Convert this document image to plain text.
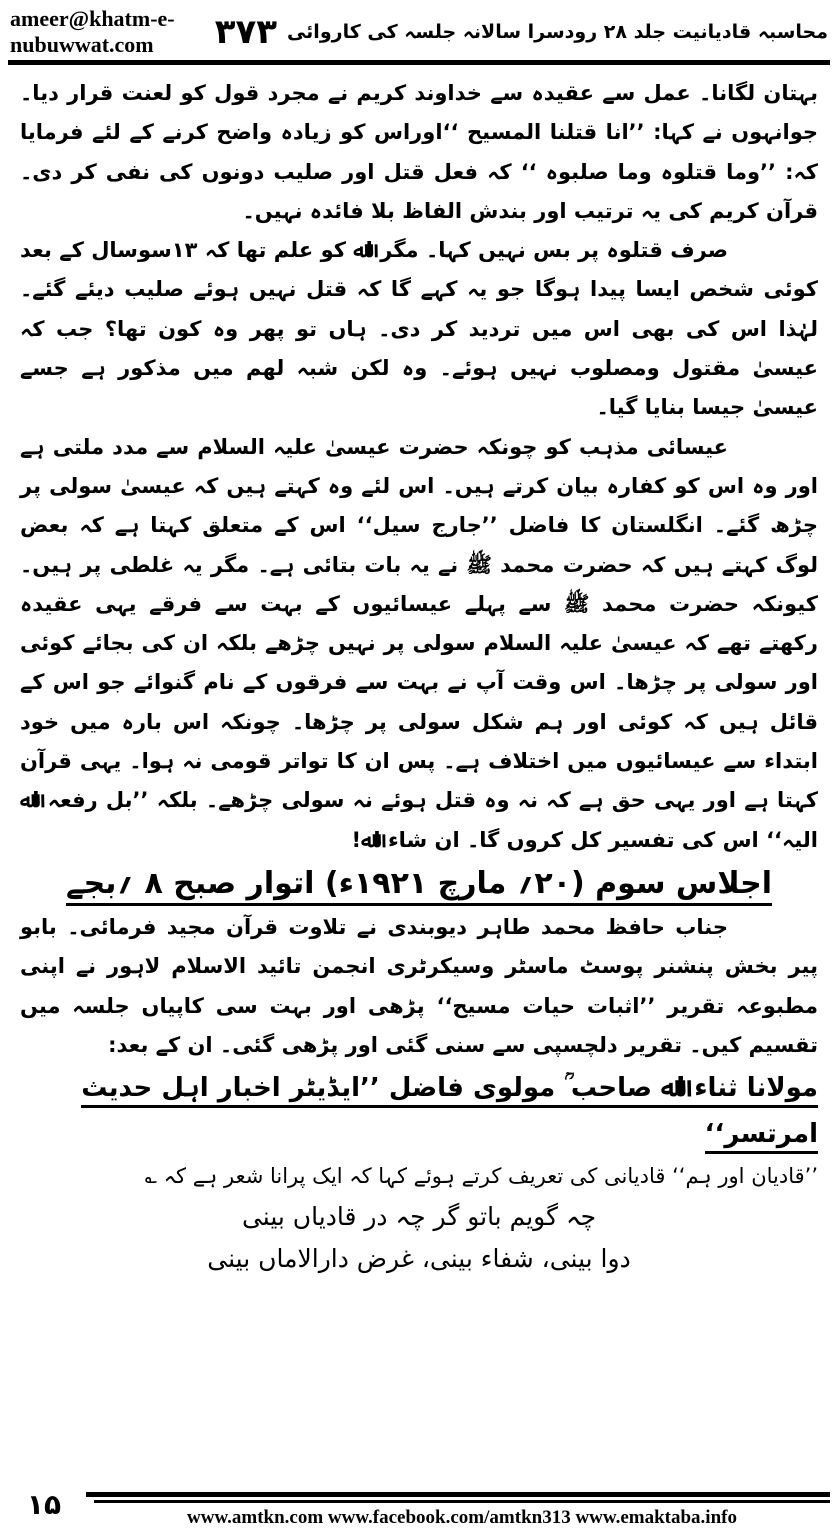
ameer@khatm-e-nubuwwat.com	محاسبہ قادیانیت جلد ۲۸ رودسرا سالانہ جلسہ کی کاروائی
۳۷۳

بہتان لگانا۔ عمل سے عقیدہ سے خداوند کریم نے مجرد قول کو لعنت قرار دیا۔ جوانہوں نے کہا: ’’انا قتلنا المسیح ‘‘اوراس کو زیادہ واضح کرنے کے لئے فرمایا کہ: ’’وما قتلوہ وما صلبوہ ‘‘ کہ فعل قتل اور صلیب دونوں کی نفی کر دی۔ قرآن کریم کی یہ ترتیب اور بندش الفاظ بلا فائدہ نہیں۔

صرف قتلوہ پر بس نہیں کہا۔ مگر اﷲ کو علم تھا کہ ۱۳سوسال کے بعد کوئی شخص ایسا پیدا ہوگا جو یہ کہے گا کہ قتل نہیں ہوئے صلیب دیئے گئے۔ لہٰذا اس کی بھی اس میں تردید کر دی۔ ہاں تو پھر وہ کون تھا؟ جب کہ عیسیٰ مقتول ومصلوب نہیں ہوئے۔ وہ لکن شبہ لھم میں مذکور ہے جسے عیسیٰ جیسا بنایا گیا۔

عیسائی مذہب کو چونکہ حضرت عیسیٰ علیہ السلام سے مدد ملتی ہے اور وہ اس کو کفارہ بیان کرتے ہیں۔ اس لئے وہ کہتے ہیں کہ عیسیٰ سولی پر چڑھ گئے۔ انگلستان کا فاضل ’’جارج سیل‘‘ اس کے متعلق کہتا ہے کہ بعض لوگ کہتے ہیں کہ حضرت محمد ﷺ نے یہ بات بتائی ہے۔ مگر یہ غلطی پر ہیں۔ کیونکہ حضرت محمد ﷺ سے پہلے عیسائیوں کے بہت سے فرقے یہی عقیدہ رکھتے تھے کہ عیسیٰ علیہ السلام سولی پر نہیں چڑھے بلکہ ان کی بجائے کوئی اور سولی پر چڑھا۔ اس وقت آپ نے بہت سے فرقوں کے نام گنوائے جو اس کے قائل ہیں کہ کوئی اور ہم شکل سولی پر چڑھا۔ چونکہ اس بارہ میں خود ابتداء سے عیسائیوں میں اختلاف ہے۔ پس ان کا تواتر قومی نہ ہوا۔ یہی قرآن کہتا ہے اور یہی حق ہے کہ نہ وہ قتل ہوئے نہ سولی چڑھے۔ بلکہ ’’بل رفعہ اﷲ الیہ‘‘ اس کی تفسیر کل کروں گا۔ ان شاء اﷲ!

اجلاس سوم (۲۰؍ مارچ ۱۹۲۱ء) اتوار صبح ۸ ؍بجے

جناب حافظ محمد طاہر دیوبندی نے تلاوت قرآن مجید فرمائی۔ بابو پیر بخش پنشنر پوسٹ ماسٹر وسیکرٹری انجمن تائید الاسلام لاہور نے اپنی مطبوعہ تقریر ’’اثبات حیات مسیح‘‘ پڑھی اور بہت سی کاپیاں جلسہ میں تقسیم کیں۔ تقریر دلچسپی سے سنی گئی اور پڑھی گئی۔ ان کے بعد:

مولانا ثناء اﷲ صاحب ؒ مولوی فاضل ’’ایڈیٹر اخبار اہل حدیث امرتسر‘‘

’’قادیان اور ہم‘‘ قادیانی کی تعریف کرتے ہوئے کہا کہ ایک پرانا شعر ہے کہ ؎

چہ گویم باتو گر چہ در قادیاں بینی

دوا بینی، شفاء بینی، غرض دارالاماں بینی

۱۵	www.amtkn.com www.facebook.com/amtkn313 www.emaktaba.info
